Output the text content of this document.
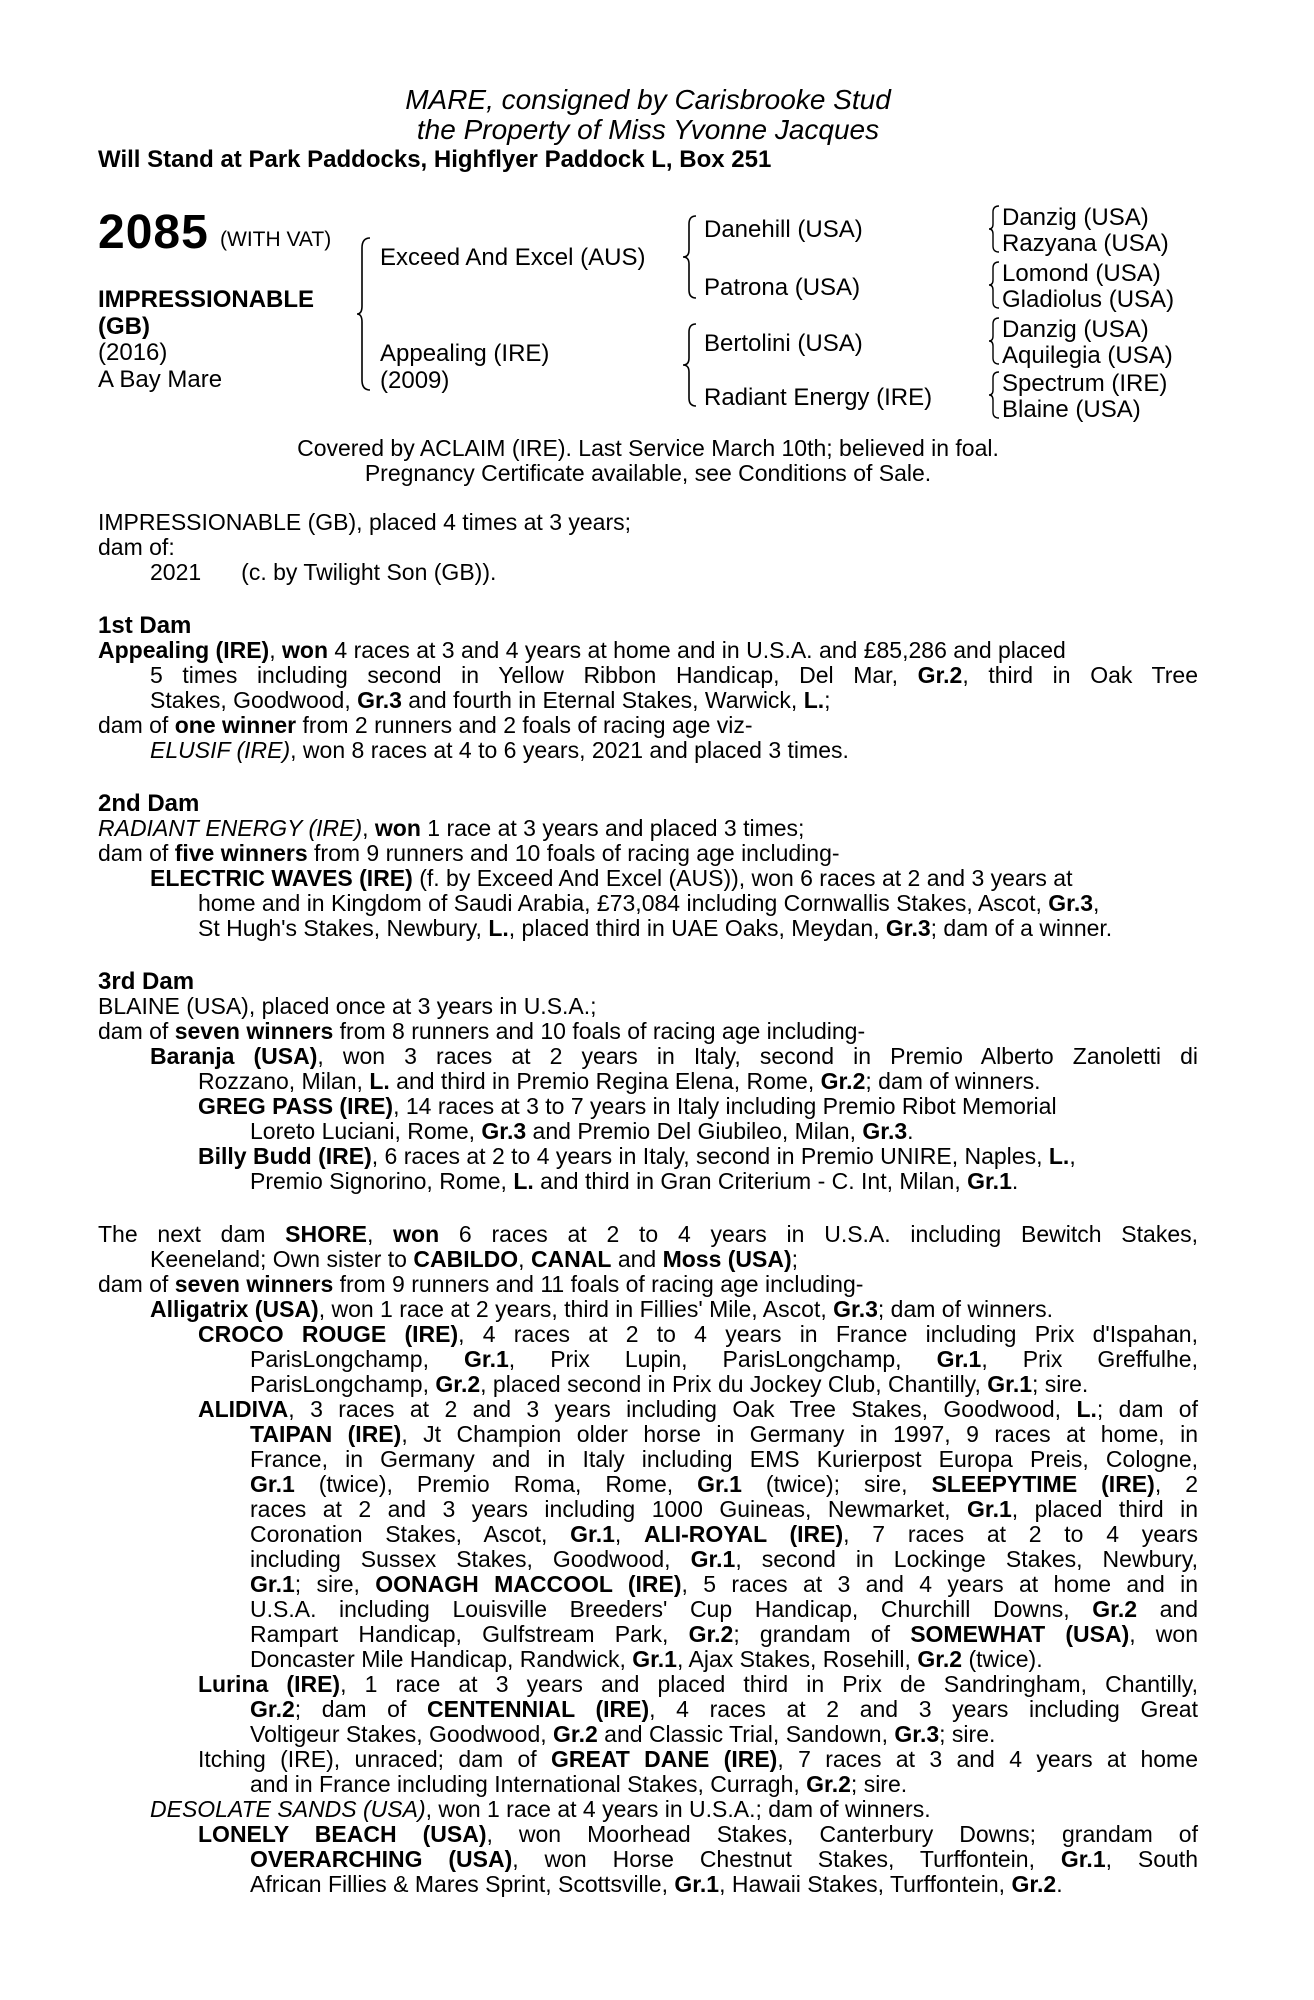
MARE, consigned by Carisbrooke Stud
the Property of Miss Yvonne Jacques
Will Stand at Park Paddocks, Highflyer Paddock L, Box 251
2085 (WITH VAT)
IMPRESSIONABLE
(GB)
(2016)
A Bay Mare
Exceed And Excel (AUS)
Appealing (IRE)
(2009)
Danehill (USA)
Patrona (USA)
Bertolini (USA)
Radiant Energy (IRE)
Danzig (USA)
Razyana (USA)
Lomond (USA)
Gladiolus (USA)
Danzig (USA)
Aquilegia (USA)
Spectrum (IRE)
Blaine (USA)
Covered by ACLAIM (IRE). Last Service March 10th; believed in foal.
Pregnancy Certificate available, see Conditions of Sale.
IMPRESSIONABLE (GB), placed 4 times at 3 years;
dam of:
2021 (c. by Twilight Son (GB)).
1st Dam
Appealing (IRE), won 4 races at 3 and 4 years at home and in U.S.A. and £85,286 and placed
5 times including second in Yellow Ribbon Handicap, Del Mar, Gr.2, third in Oak Tree
Stakes, Goodwood, Gr.3 and fourth in Eternal Stakes, Warwick, L.;
dam of one winner from 2 runners and 2 foals of racing age viz-
ELUSIF (IRE), won 8 races at 4 to 6 years, 2021 and placed 3 times.
2nd Dam
RADIANT ENERGY (IRE), won 1 race at 3 years and placed 3 times;
dam of five winners from 9 runners and 10 foals of racing age including-
ELECTRIC WAVES (IRE) (f. by Exceed And Excel (AUS)), won 6 races at 2 and 3 years at
home and in Kingdom of Saudi Arabia, £73,084 including Cornwallis Stakes, Ascot, Gr.3,
St Hugh's Stakes, Newbury, L., placed third in UAE Oaks, Meydan, Gr.3; dam of a winner.
3rd Dam
BLAINE (USA), placed once at 3 years in U.S.A.;
dam of seven winners from 8 runners and 10 foals of racing age including-
Baranja (USA), won 3 races at 2 years in Italy, second in Premio Alberto Zanoletti di
Rozzano, Milan, L. and third in Premio Regina Elena, Rome, Gr.2; dam of winners.
GREG PASS (IRE), 14 races at 3 to 7 years in Italy including Premio Ribot Memorial
Loreto Luciani, Rome, Gr.3 and Premio Del Giubileo, Milan, Gr.3.
Billy Budd (IRE), 6 races at 2 to 4 years in Italy, second in Premio UNIRE, Naples, L.,
Premio Signorino, Rome, L. and third in Gran Criterium - C. Int, Milan, Gr.1.
The next dam SHORE, won 6 races at 2 to 4 years in U.S.A. including Bewitch Stakes,
Keeneland; Own sister to CABILDO, CANAL and Moss (USA);
dam of seven winners from 9 runners and 11 foals of racing age including-
Alligatrix (USA), won 1 race at 2 years, third in Fillies' Mile, Ascot, Gr.3; dam of winners.
CROCO ROUGE (IRE), 4 races at 2 to 4 years in France including Prix d'Ispahan,
ParisLongchamp, Gr.1, Prix Lupin, ParisLongchamp, Gr.1, Prix Greffulhe,
ParisLongchamp, Gr.2, placed second in Prix du Jockey Club, Chantilly, Gr.1; sire.
ALIDIVA, 3 races at 2 and 3 years including Oak Tree Stakes, Goodwood, L.; dam of
TAIPAN (IRE), Jt Champion older horse in Germany in 1997, 9 races at home, in
France, in Germany and in Italy including EMS Kurierpost Europa Preis, Cologne,
Gr.1 (twice), Premio Roma, Rome, Gr.1 (twice); sire, SLEEPYTIME (IRE), 2
races at 2 and 3 years including 1000 Guineas, Newmarket, Gr.1, placed third in
Coronation Stakes, Ascot, Gr.1, ALI-ROYAL (IRE), 7 races at 2 to 4 years
including Sussex Stakes, Goodwood, Gr.1, second in Lockinge Stakes, Newbury,
Gr.1; sire, OONAGH MACCOOL (IRE), 5 races at 3 and 4 years at home and in
U.S.A. including Louisville Breeders' Cup Handicap, Churchill Downs, Gr.2 and
Rampart Handicap, Gulfstream Park, Gr.2; grandam of SOMEWHAT (USA), won
Doncaster Mile Handicap, Randwick, Gr.1, Ajax Stakes, Rosehill, Gr.2 (twice).
Lurina (IRE), 1 race at 3 years and placed third in Prix de Sandringham, Chantilly,
Gr.2; dam of CENTENNIAL (IRE), 4 races at 2 and 3 years including Great
Voltigeur Stakes, Goodwood, Gr.2 and Classic Trial, Sandown, Gr.3; sire.
Itching (IRE), unraced; dam of GREAT DANE (IRE), 7 races at 3 and 4 years at home
and in France including International Stakes, Curragh, Gr.2; sire.
DESOLATE SANDS (USA), won 1 race at 4 years in U.S.A.; dam of winners.
LONELY BEACH (USA), won Moorhead Stakes, Canterbury Downs; grandam of
OVERARCHING (USA), won Horse Chestnut Stakes, Turffontein, Gr.1, South
African Fillies & Mares Sprint, Scottsville, Gr.1, Hawaii Stakes, Turffontein, Gr.2.
